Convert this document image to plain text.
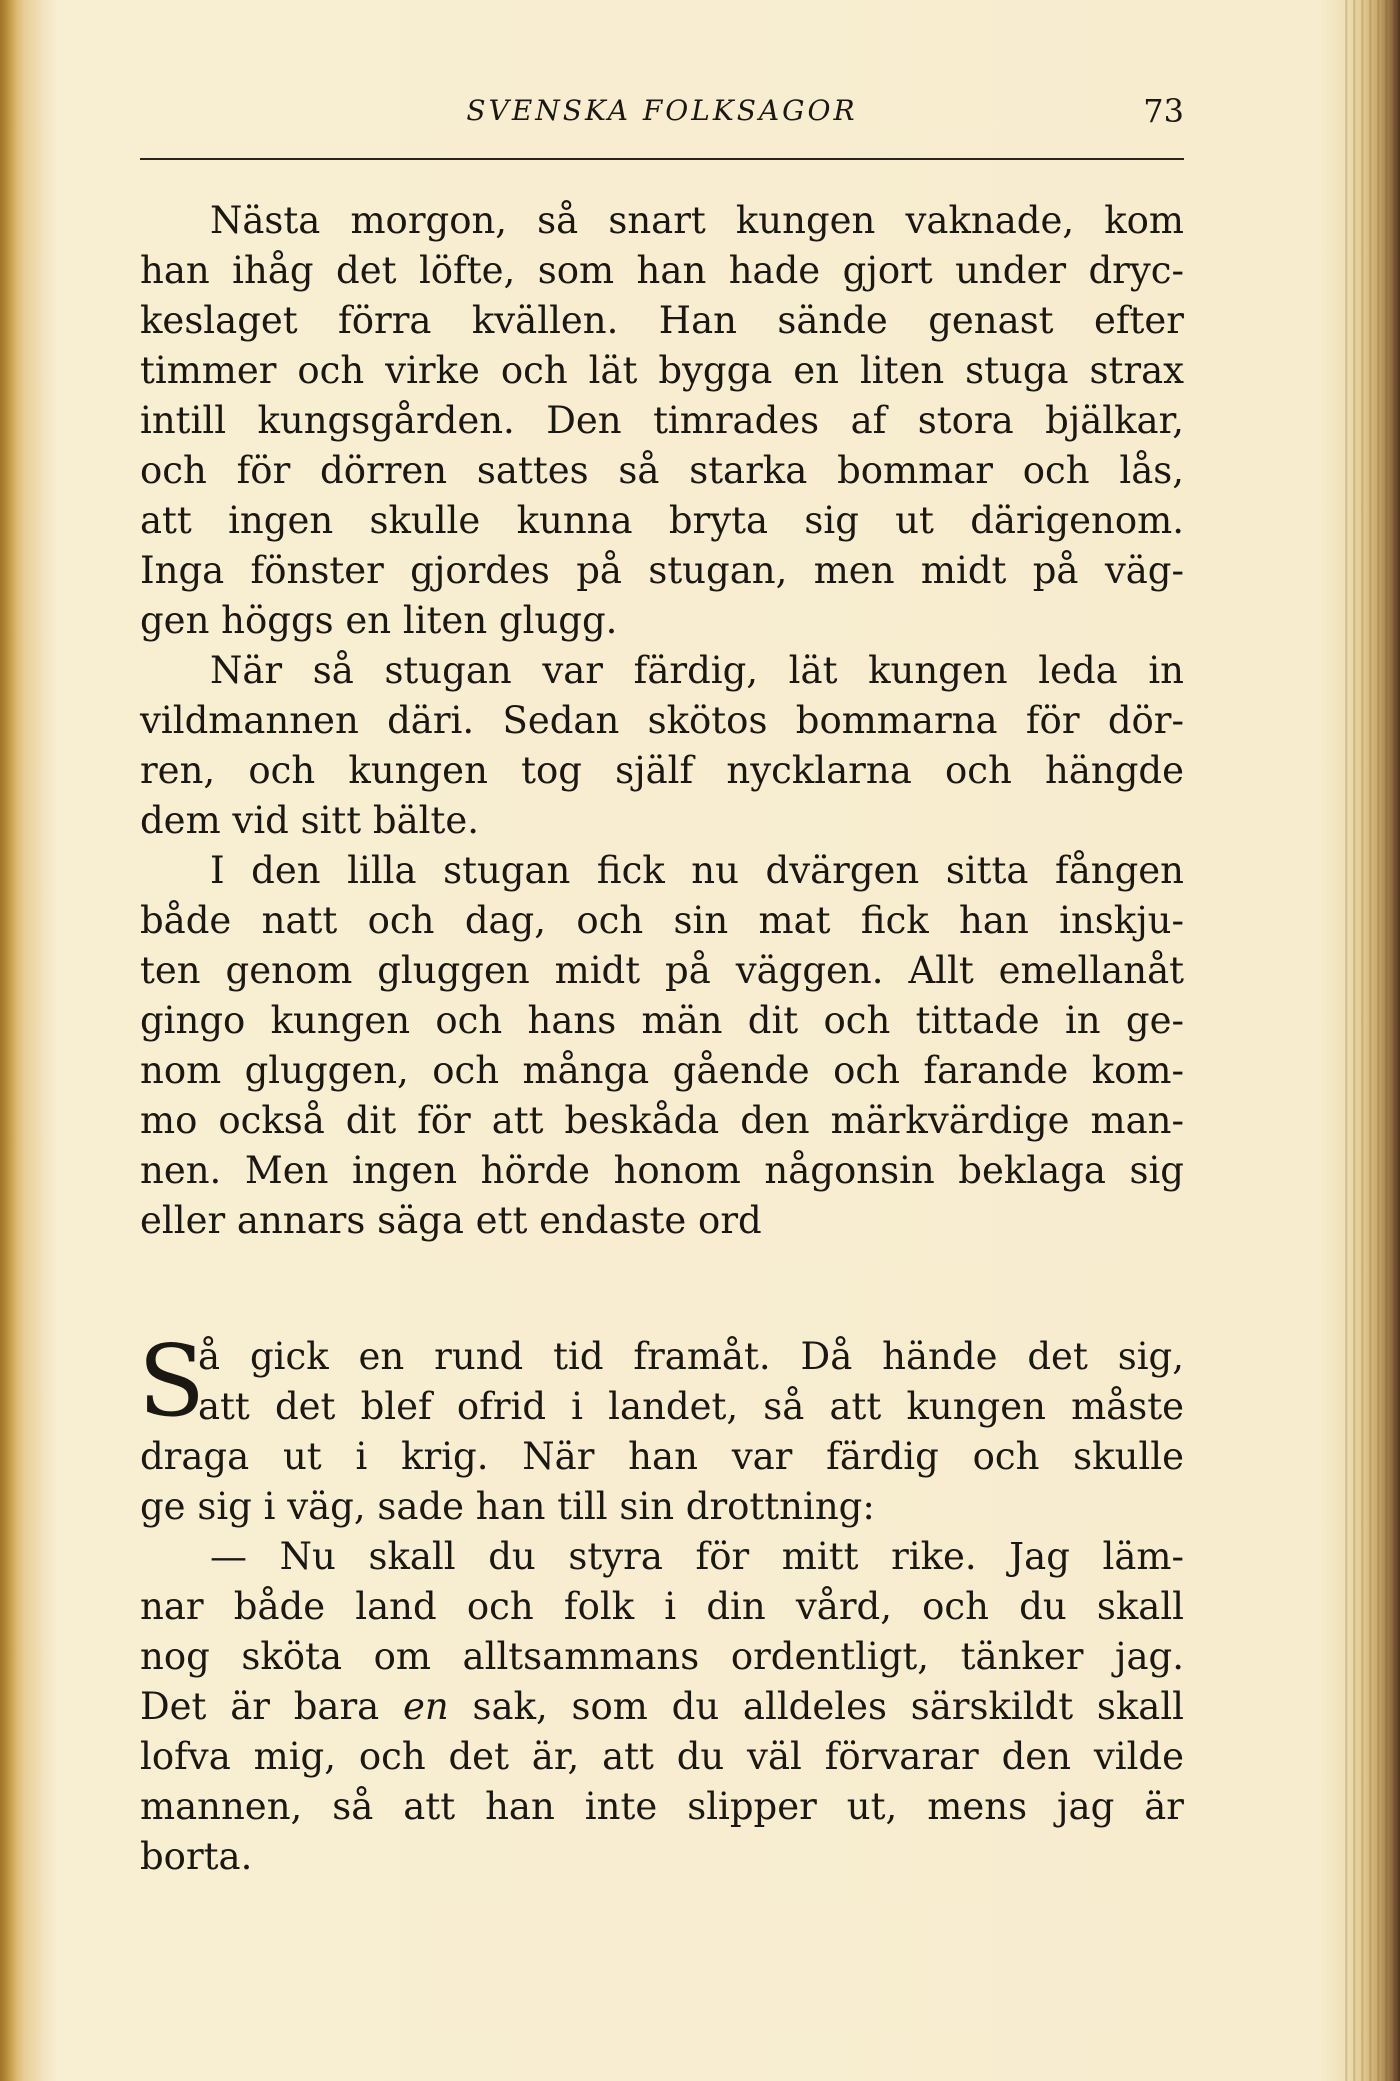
SVENSKA FOLKSAGOR	73
Nästa morgon, så snart kungen vaknade, kom
han ihåg det löfte, som han hade gjort under dryc-
keslaget förra kvällen. Han sände genast efter
timmer och virke och lät bygga en liten stuga strax
intill kungsgården. Den timrades af stora bjälkar,
och för dörren sattes så starka bommar och lås,
att ingen skulle kunna bryta sig ut därigenom.
Inga fönster gjordes på stugan, men midt på väg-
gen höggs en liten glugg.
När så stugan var färdig, lät kungen leda in
vildmannen däri. Sedan skötos bommarna för dör-
ren, och kungen tog själf nycklarna och hängde
dem vid sitt bälte.
I den lilla stugan fick nu dvärgen sitta fången
både natt och dag, och sin mat fick han inskju-
ten genom gluggen midt på väggen. Allt emellanåt
gingo kungen och hans män dit och tittade in ge-
nom gluggen, och många gående och farande kom-
mo också dit för att beskåda den märkvärdige man-
nen. Men ingen hörde honom någonsin beklaga sig
eller annars säga ett endaste ord
S
å gick en rund tid framåt. Då hände det sig,
att det blef ofrid i landet, så att kungen måste
draga ut i krig. När han var färdig och skulle
ge sig i väg, sade han till sin drottning:
— Nu skall du styra för mitt rike. Jag läm-
nar både land och folk i din vård, och du skall
nog sköta om alltsammans ordentligt, tänker jag.
Det är bara en sak, som du alldeles särskildt skall
lofva mig, och det är, att du väl förvarar den vilde
mannen, så att han inte slipper ut, mens jag är
borta.
